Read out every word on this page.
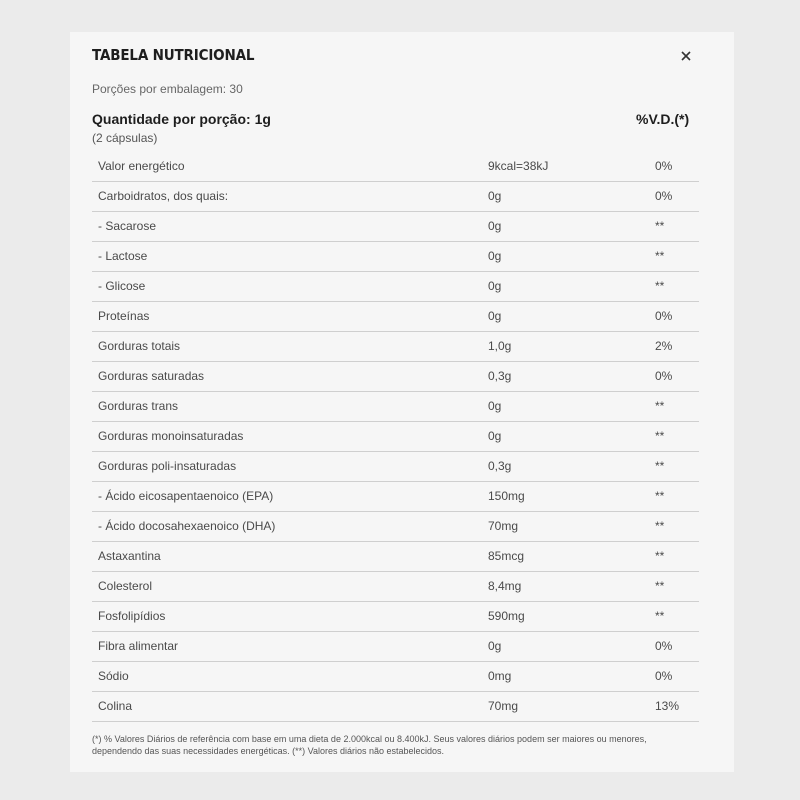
TABELA NUTRICIONAL
Porções por embalagem: 30
Quantidade por porção: 1g
(2 cápsulas)
%V.D.(*)
Valor energético	9kcal=38kJ	0%
Carboidratos, dos quais:	0g	0%
- Sacarose	0g	**
- Lactose	0g	**
- Glicose	0g	**
Proteínas	0g	0%
Gorduras totais	1,0g	2%
Gorduras saturadas	0,3g	0%
Gorduras trans	0g	**
Gorduras monoinsaturadas	0g	**
Gorduras poli-insaturadas	0,3g	**
- Ácido eicosapentaenoico (EPA)	150mg	**
- Ácido docosahexaenoico (DHA)	70mg	**
Astaxantina	85mcg	**
Colesterol	8,4mg	**
Fosfolipídios	590mg	**
Fibra alimentar	0g	0%
Sódio	0mg	0%
Colina	70mg	13%
(*) % Valores Diários de referência com base em uma dieta de 2.000kcal ou 8.400kJ. Seus valores diários podem ser maiores ou menores, dependendo das suas necessidades energéticas. (**) Valores diários não estabelecidos.
